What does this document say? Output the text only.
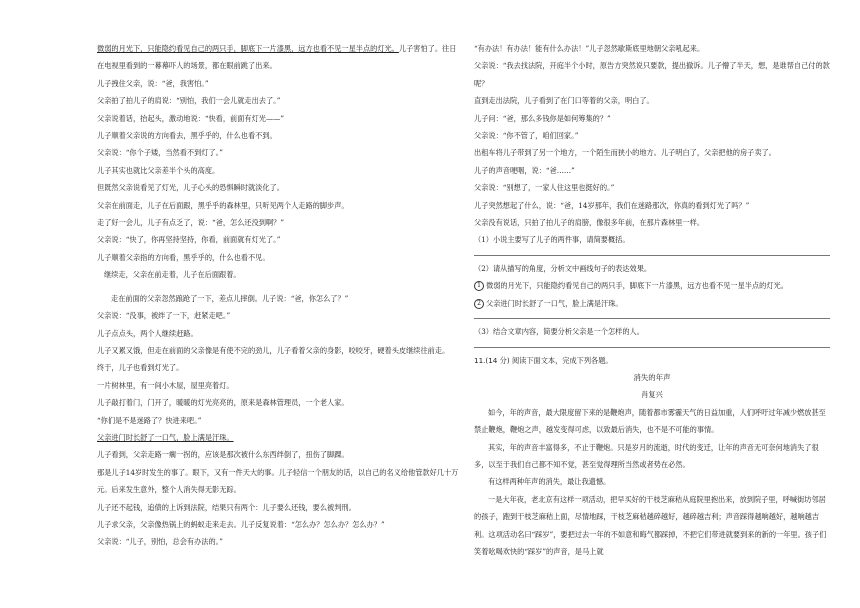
微弱的月光下，只能隐约看见自己的两只手，脚底下一片漆黑，远方也看不见一星半点的灯光。儿子害怕了。往日在电视里看到的一幕幕吓人的场景，都在眼前跳了出来。

儿子拽住父亲，说：“爸，我害怕。”

父亲拍了拍儿子的肩说：“别怕，我们一会儿就走出去了。”

父亲说着话，抬起头，激动地说：“快看，前面有灯光——”

儿子顺着父亲说的方向看去，黑乎乎的，什么也看不到。

父亲说：“你个子矮，当然看不到灯了。”

儿子其实也就比父亲差半个头的高度。

但既然父亲说看见了灯光，儿子心头的恐惧瞬时就淡化了。

父亲在前面走，儿子在后面跟，黑乎乎的森林里，只听见两个人走路的脚步声。

走了好一会儿，儿子有点乏了，说：“爸，怎么还没到啊？”

父亲说：“快了，你再坚持坚持，你看，前面就有灯光了。”

儿子顺着父亲指的方向看，黑乎乎的，什么也看不见。

继续走，父亲在前走着，儿子在后面跟着。

走在前面的父亲忽然踉跄了一下，差点儿摔倒。儿子说：“爸，你怎么了？”

父亲说：“没事，被绊了一下，赶紧走吧。”

儿子点点头，两个人继续赶路。

儿子又累又饿，但走在前面的父亲像是有使不完的劲儿，儿子看着父亲的身影，咬咬牙，硬着头皮继续往前走。

终于，儿子也看到灯光了。

一片树林里，有一间小木屋，屋里亮着灯。

儿子敲打着门，门开了，暖暖的灯光亮亮的，原来是森林管理员，一个老人家。

“你们是不是迷路了？快进来吧。”

父亲进门时长舒了一口气，脸上满是汗珠。

儿子看到，父亲走路一瘸一拐的，应该是那次被什么东西绊倒了，扭伤了脚踝。

那是儿子14岁时发生的事了。眼下，又有一件天大的事。儿子轻信一个朋友的话，以自己的名义给他管款好几十万元。后来发生意外，整个人消失得无影无踪。

儿子还不起钱，追债的上诉到法院，结果只有两个：儿子要么还钱，要么被判刑。

儿子求父亲，父亲像热锅上的蚂蚁走来走去。儿子反复说着：“怎么办？怎么办？怎么办？”

父亲说：“儿子，别怕，总会有办法的。”

“有办法！有办法！能有什么办法！”儿子忽然歇斯底里地朝父亲吼起来。

父亲说：“我去找法院，开庭半个小时，原告方突然说只要款，提出撤诉。儿子懵了半天，想，是谁帮自己付的款呢？

直到走出法院，儿子看到了在门口等着的父亲，明白了。

儿子问：“爸，那么多钱你是如何筹集的？”

父亲说：“你不管了，咱们回家。”

出租车将儿子带到了另一个地方，一个陌生而狭小的地方。儿子明白了，父亲把他的房子卖了。

儿子的声音哽咽，说：“爸……”

父亲说：“别想了，一家人住这里也挺好的。”

儿子突然想起了什么，说：“爸，14岁那年，我们在迷路那次，你真的看到灯光了吗？”

父亲没有说话，只拍了拍儿子的肩膀，像很多年前，在那片森林里一样。

（1）小说主要写了儿子的两件事，请简要概括。

（2）请从描写的角度，分析文中画线句子的表达效果。

1 微弱的月光下，只能隐约看见自己的两只手，脚底下一片漆黑，远方也看不见一星半点的灯光。

2 父亲进门时长舒了一口气，脸上满是汗珠。

（3）结合文章内容，简要分析父亲是一个怎样的人。

11.(14 分) 阅读下面文本，完成下列各题。

消失的年声

肖复兴

如今，年的声音，最大限度留下来的是鞭炮声，随着都市雾霾天气的日益加重，人们呼吁过年减少燃放甚至禁止鞭炮，鞭炮之声，越发变得可虑，以致最后消失，也不是不可能的事情。

其实，年的声音丰富得多，不止于鞭炮。只是岁月的流逝，时代的变迁，让年的声音无可奈何地消失了很多，以至于我们自己都不知不觉，甚至觉得理所当然或者势在必然。

有这样两种年声的消失，最让我遗憾。

一是大年夜，老北京有这样一项活动，把早买好的干枝芝麻秸从庭院里抱出来，放到院子里，呼喊街坊邻居的孩子，跑到干枝芝麻秸上面，尽情地踩，干枝芝麻秸越碎越好，越碎越吉利；声音踩得越响越好，越响越吉利。这项活动名曰“踩岁”，要把过去一年的不如意和晦气都踩掉，不把它们带进就要到来的新的一年里。孩子们笑着吆喝欢快的“踩岁”的声音，是马上就
